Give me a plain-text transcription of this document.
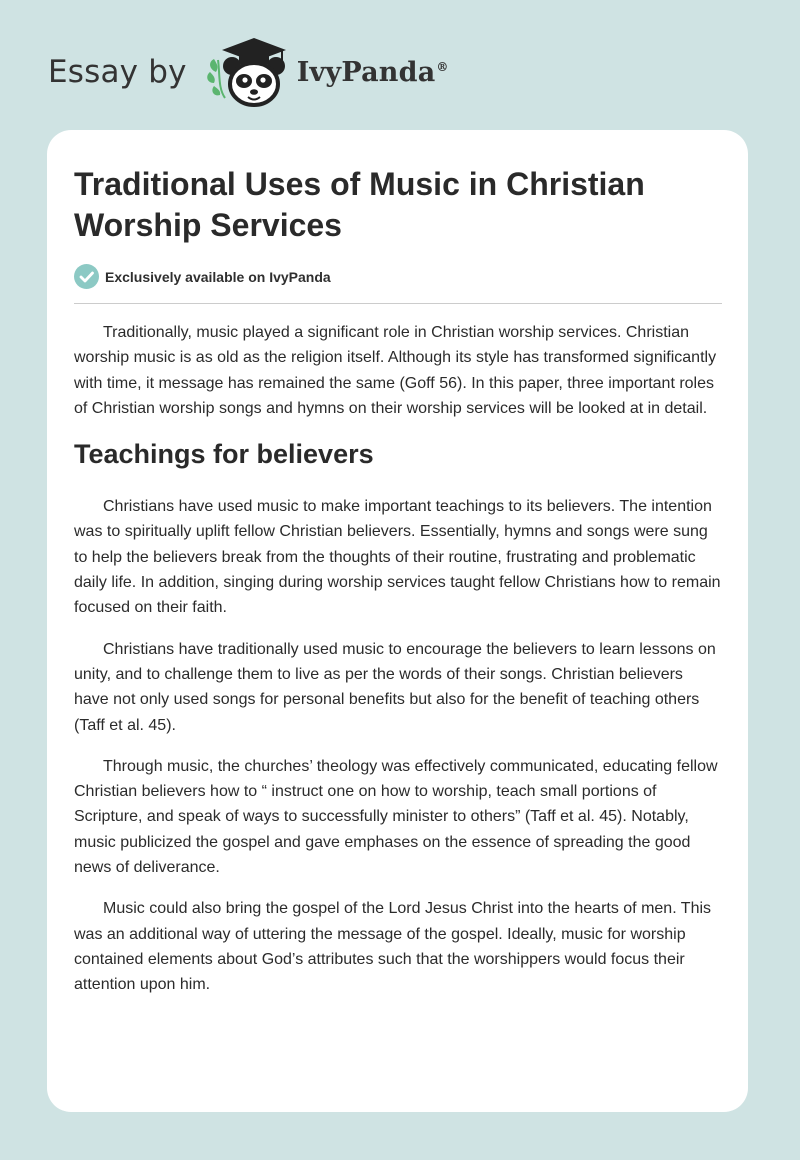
Essay by	IvyPanda®
Traditional Uses of Music in Christian Worship Services
Exclusively available on IvyPanda

Traditionally, music played a significant role in Christian worship services. Christian worship music is as old as the religion itself. Although its style has transformed significantly with time, it message has remained the same (Goff 56). In this paper, three important roles of Christian worship songs and hymns on their worship services will be looked at in detail.

Teachings for believers

Christians have used music to make important teachings to its believers. The intention was to spiritually uplift fellow Christian believers. Essentially, hymns and songs were sung to help the believers break from the thoughts of their routine, frustrating and problematic daily life. In addition, singing during worship services taught fellow Christians how to remain focused on their faith.

Christians have traditionally used music to encourage the believers to learn lessons on unity, and to challenge them to live as per the words of their songs. Christian believers have not only used songs for personal benefits but also for the benefit of teaching others (Taff et al. 45).

Through music, the churches’ theology was effectively communicated, educating fellow Christian believers how to “ instruct one on how to worship, teach small portions of Scripture, and speak of ways to successfully minister to others” (Taff et al. 45). Notably, music publicized the gospel and gave emphases on the essence of spreading the good news of deliverance.

Music could also bring the gospel of the Lord Jesus Christ into the hearts of men. This was an additional way of uttering the message of the gospel. Ideally, music for worship contained elements about God’s attributes such that the worshippers would focus their attention upon him.
